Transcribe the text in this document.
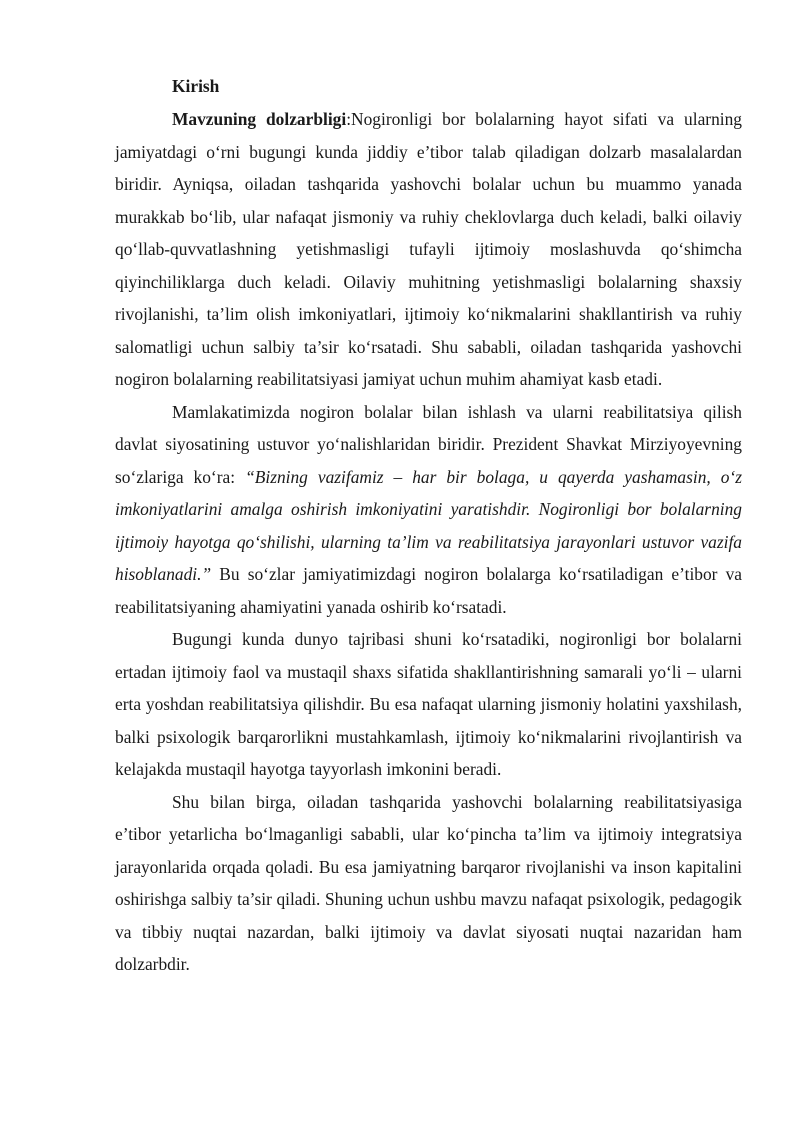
Kirish

Mavzuning dolzarbligi:Nogironligi bor bolalarning hayot sifati va ularning jamiyatdagi o‘rni bugungi kunda jiddiy e’tibor talab qiladigan dolzarb masalalardan biridir. Ayniqsa, oiladan tashqarida yashovchi bolalar uchun bu muammo yanada murakkab bo‘lib, ular nafaqat jismoniy va ruhiy cheklovlarga duch keladi, balki oilaviy qo‘llab-quvvatlashning yetishmasligi tufayli ijtimoiy moslashuvda qo‘shimcha qiyinchiliklarga duch keladi. Oilaviy muhitning yetishmasligi bolalarning shaxsiy rivojlanishi, ta’lim olish imkoniyatlari, ijtimoiy ko‘nikmalarini shakllantirish va ruhiy salomatligi uchun salbiy ta’sir ko‘rsatadi. Shu sababli, oiladan tashqarida yashovchi nogiron bolalarning reabilitatsiyasi jamiyat uchun muhim ahamiyat kasb etadi.

Mamlakatimizda nogiron bolalar bilan ishlash va ularni reabilitatsiya qilish davlat siyosatining ustuvor yo‘nalishlaridan biridir. Prezident Shavkat Mirziyoyevning so‘zlariga ko‘ra: “Bizning vazifamiz – har bir bolaga, u qayerda yashamasin, o‘z imkoniyatlarini amalga oshirish imkoniyatini yaratishdir. Nogironligi bor bolalarning ijtimoiy hayotga qo‘shilishi, ularning ta’lim va reabilitatsiya jarayonlari ustuvor vazifa hisoblanadi.” Bu so‘zlar jamiyatimizdagi nogiron bolalarga ko‘rsatiladigan e’tibor va reabilitatsiyaning ahamiyatini yanada oshirib ko‘rsatadi.

Bugungi kunda dunyo tajribasi shuni ko‘rsatadiki, nogironligi bor bolalarni ertadan ijtimoiy faol va mustaqil shaxs sifatida shakllantirishning samarali yo‘li – ularni erta yoshdan reabilitatsiya qilishdir. Bu esa nafaqat ularning jismoniy holatini yaxshilash, balki psixologik barqarorlikni mustahkamlash, ijtimoiy ko‘nikmalarini rivojlantirish va kelajakda mustaqil hayotga tayyorlash imkonini beradi.

Shu bilan birga, oiladan tashqarida yashovchi bolalarning reabilitatsiyasiga e’tibor yetarlicha bo‘lmaganligi sababli, ular ko‘pincha ta’lim va ijtimoiy integratsiya jarayonlarida orqada qoladi. Bu esa jamiyatning barqaror rivojlanishi va inson kapitalini oshirishga salbiy ta’sir qiladi. Shuning uchun ushbu mavzu nafaqat psixologik, pedagogik va tibbiy nuqtai nazardan, balki ijtimoiy va davlat siyosati nuqtai nazaridan ham dolzarbdir.
